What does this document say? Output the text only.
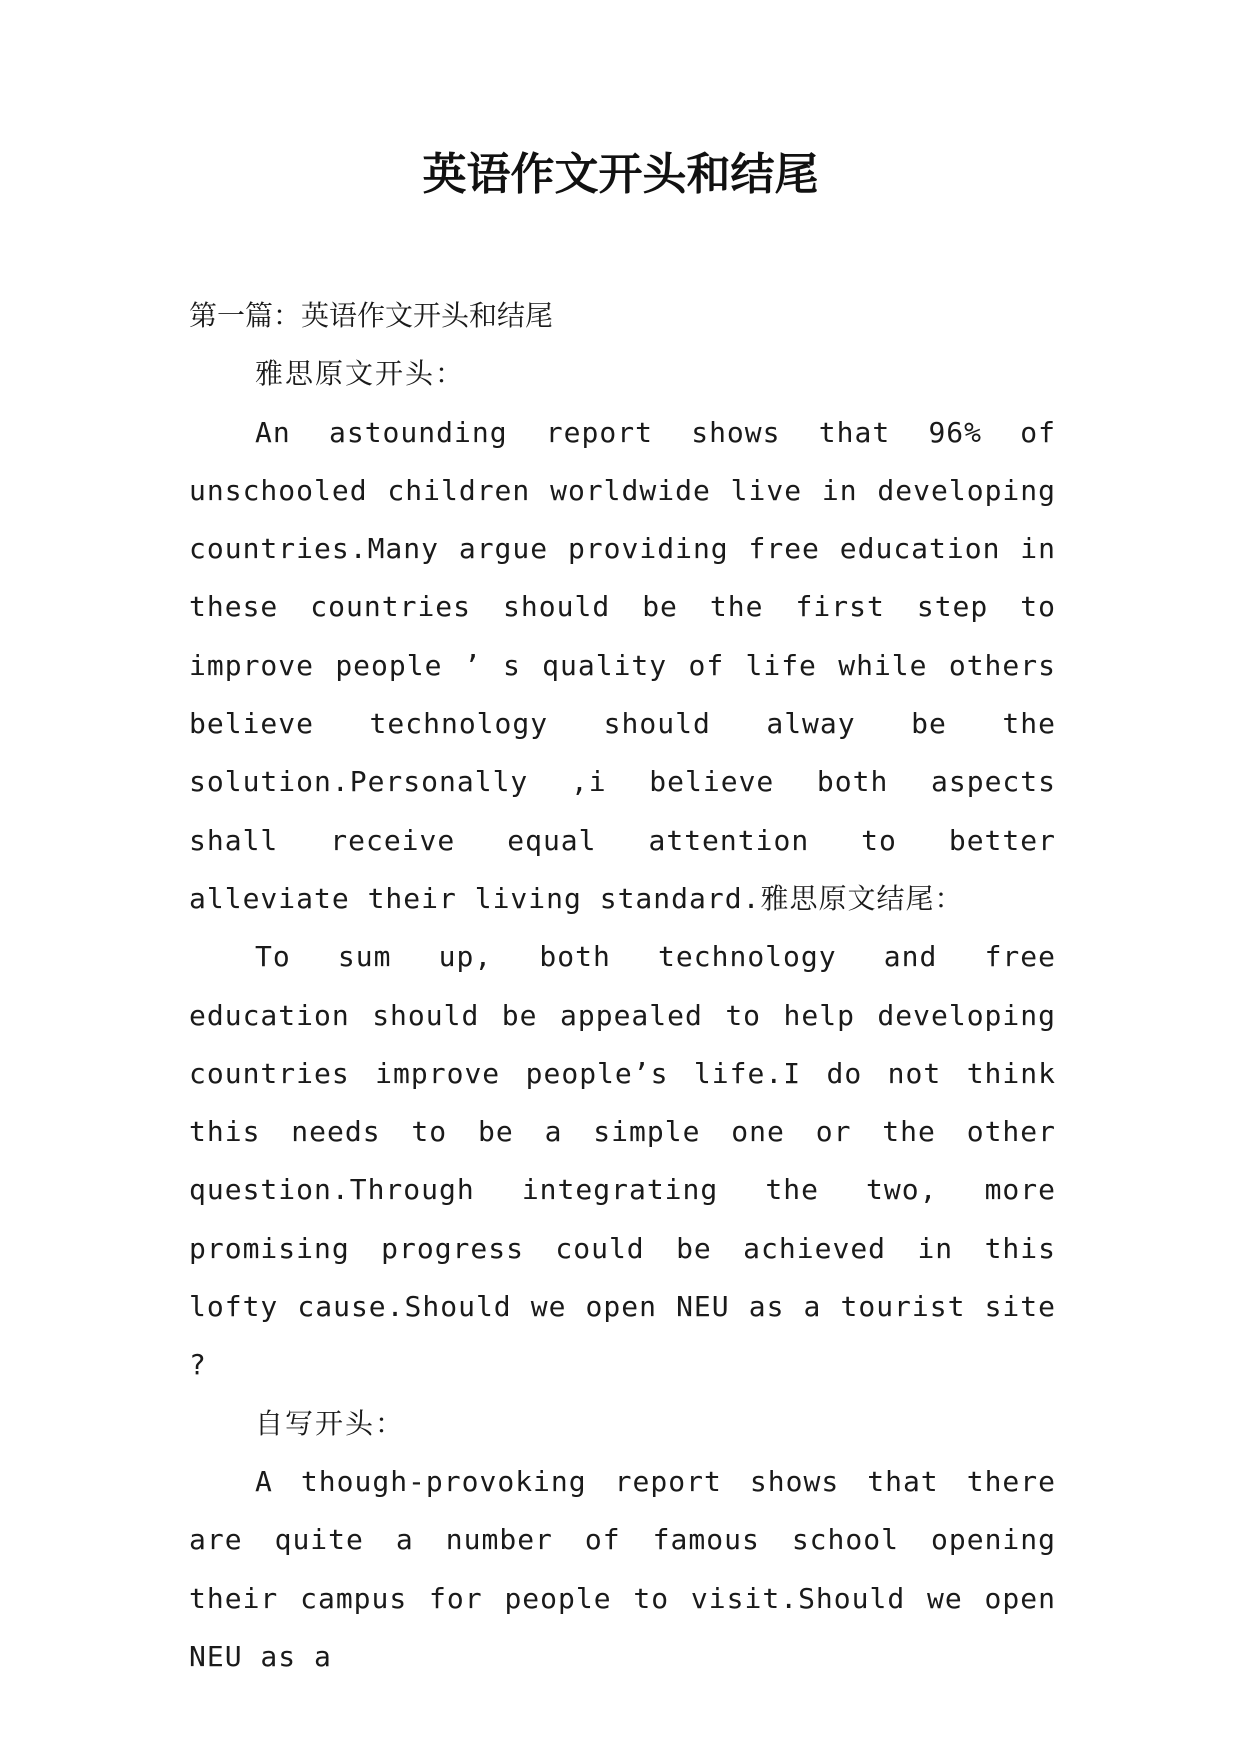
英语作文开头和结尾

第一篇：英语作文开头和结尾

雅思原文开头：

An astounding report shows that 96% of unschooled children worldwide live in developing countries.Many argue providing free education in these countries should be the first step to improve people ’ s quality of life while others believe technology should alway be the solution.Personally ,i believe both aspects shall receive equal attention to better alleviate their living standard.雅思原文结尾：

To sum up, both technology and free education should be appealed to help developing countries improve people’s life.I do not think this needs to be a simple one or the other question.Through integrating the two, more promising progress could be achieved in this lofty cause.Should we open NEU as a tourist site ?

自写开头：

A though-provoking report shows that there are quite a number of famous school opening their campus for people to visit.Should we open NEU as a
